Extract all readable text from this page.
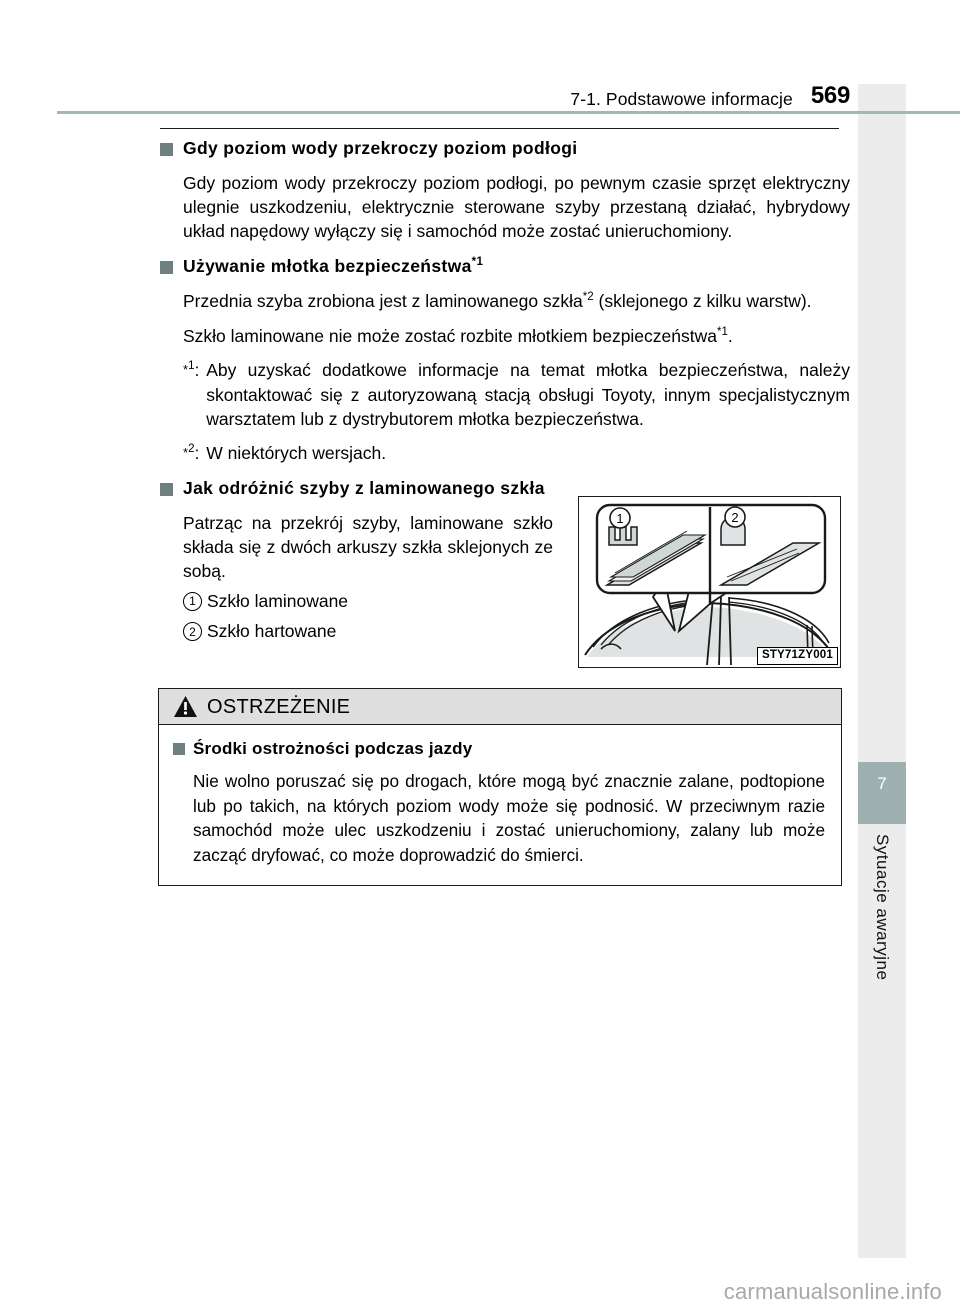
7
Sytuacje awaryjne
7-1. Podstawowe informacje 569
Gdy poziom wody przekroczy poziom podłogi
Gdy poziom wody przekroczy poziom podłogi, po pewnym czasie sprzęt elektryczny ulegnie uszkodzeniu, elektrycznie sterowane szyby przestaną działać, hybrydowy układ napędowy wyłączy się i samochód może zostać unieruchomiony.
Używanie młotka bezpieczeństwa$^{*1}$
Przednia szyba zrobiona jest z laminowanego szkła$^{*2}$ (sklejonego z kilku warstw).
Szkło laminowane nie może zostać rozbite młotkiem bezpieczeństwa$^{*1}$.
*$^1$: Aby uzyskać dodatkowe informacje na temat młotka bezpieczeństwa, należy skontaktować się z autoryzowaną stacją obsługi Toyoty, innym specjalistycznym warsztatem lub z dystrybutorem młotka bezpieczeństwa.
*$^2$: W niektórych wersjach.
Jak odróżnić szyby z laminowanego szkła

Patrząc na przekrój szyby, laminowane szkło składa się z dwóch arkuszy szkła sklejonych ze sobą.

1 Szkło laminowane
2 Szkło hartowane
1	2
STY71ZY001
OSTRZEŻENIE
Środki ostrożności podczas jazdy
Nie wolno poruszać się po drogach, które mogą być znacznie zalane, podtopione lub po takich, na których poziom wody może się podnosić. W przeciwnym razie samochód może ulec uszkodzeniu i zostać unieruchomiony, zalany lub może zacząć dryfować, co może doprowadzić do śmierci.
carmanualsonline.info
